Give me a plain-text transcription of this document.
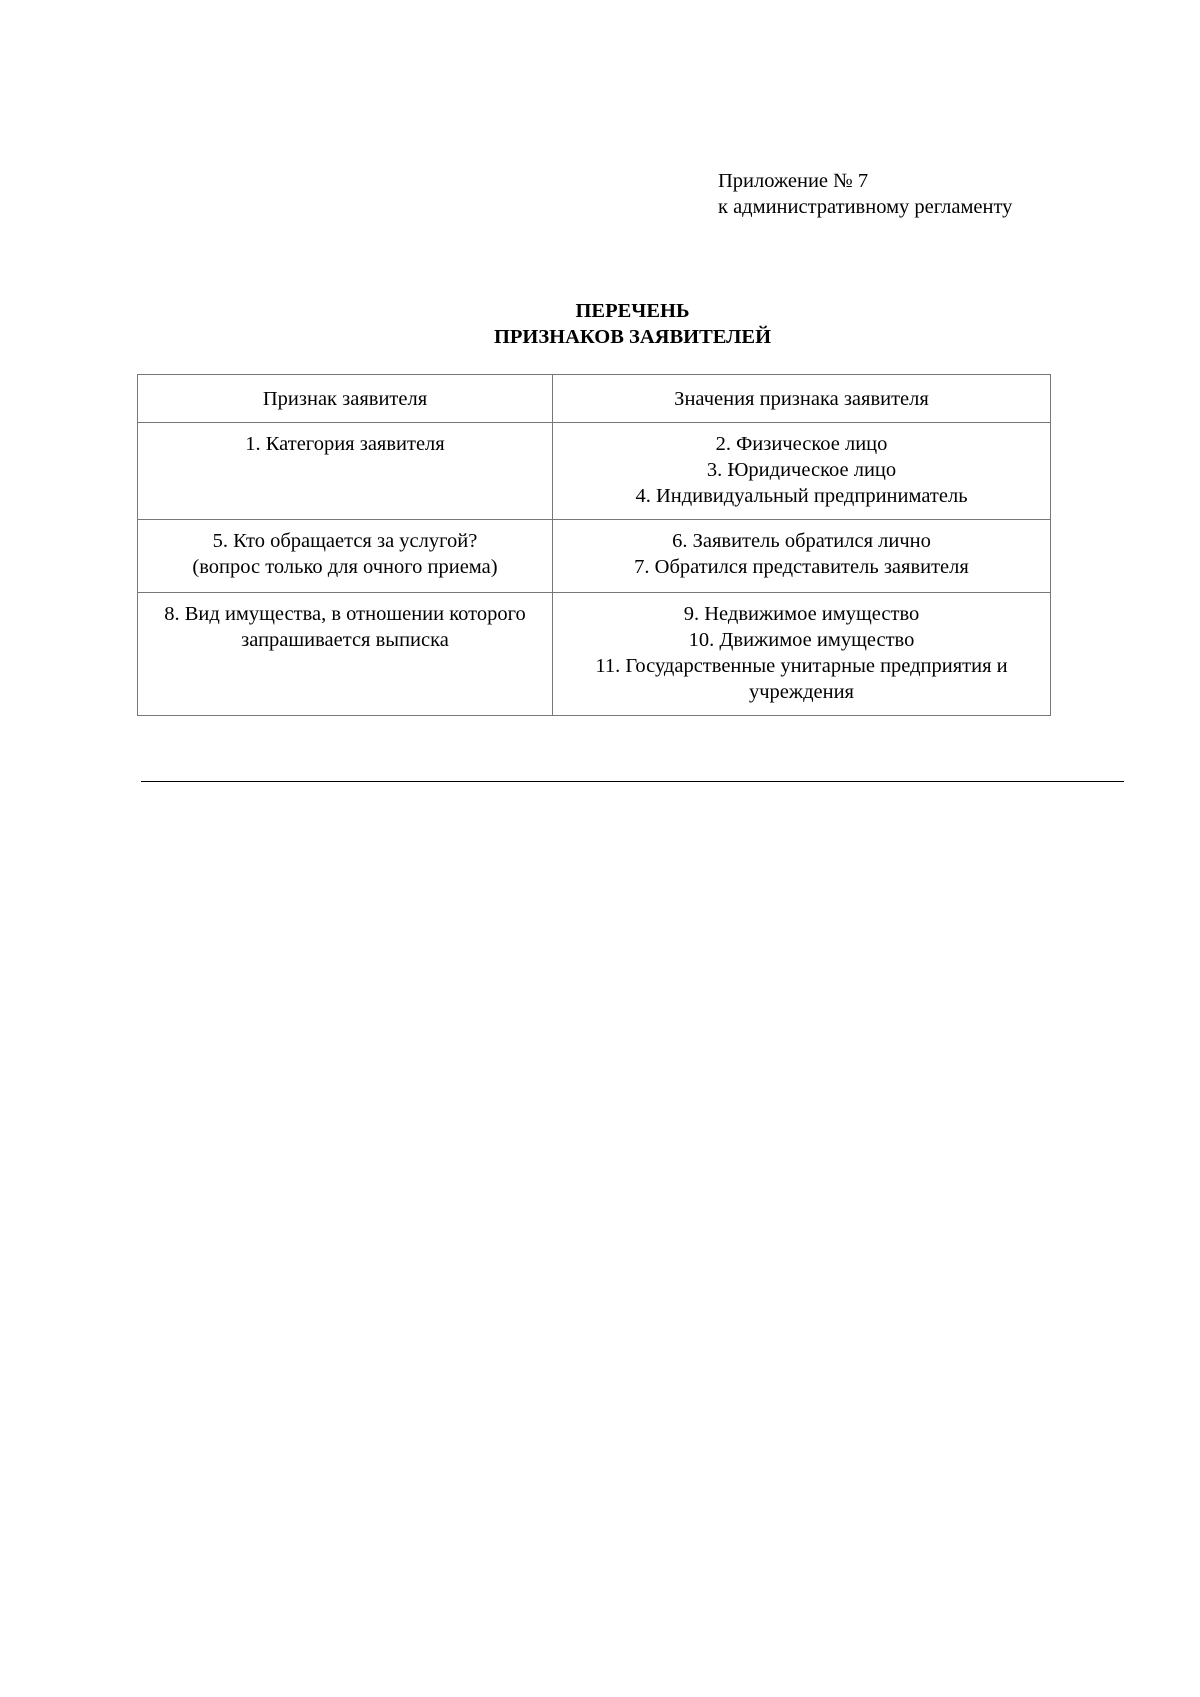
Приложение № 7
к административному регламенту
ПЕРЕЧЕНЬ
ПРИЗНАКОВ ЗАЯВИТЕЛЕЙ
Признак заявителя	Значения признака заявителя

1. Категория заявителя	2. Физическое лицо
3. Юридическое лицо
4. Индивидуальный предприниматель

5. Кто обращается за услугой?
(вопрос только для очного приема)	6. Заявитель обратился лично
7. Обратился представитель заявителя

8. Вид имущества, в отношении которого
запрашивается выписка	9. Недвижимое имущество
10. Движимое имущество
11. Государственные унитарные предприятия и
учреждения
